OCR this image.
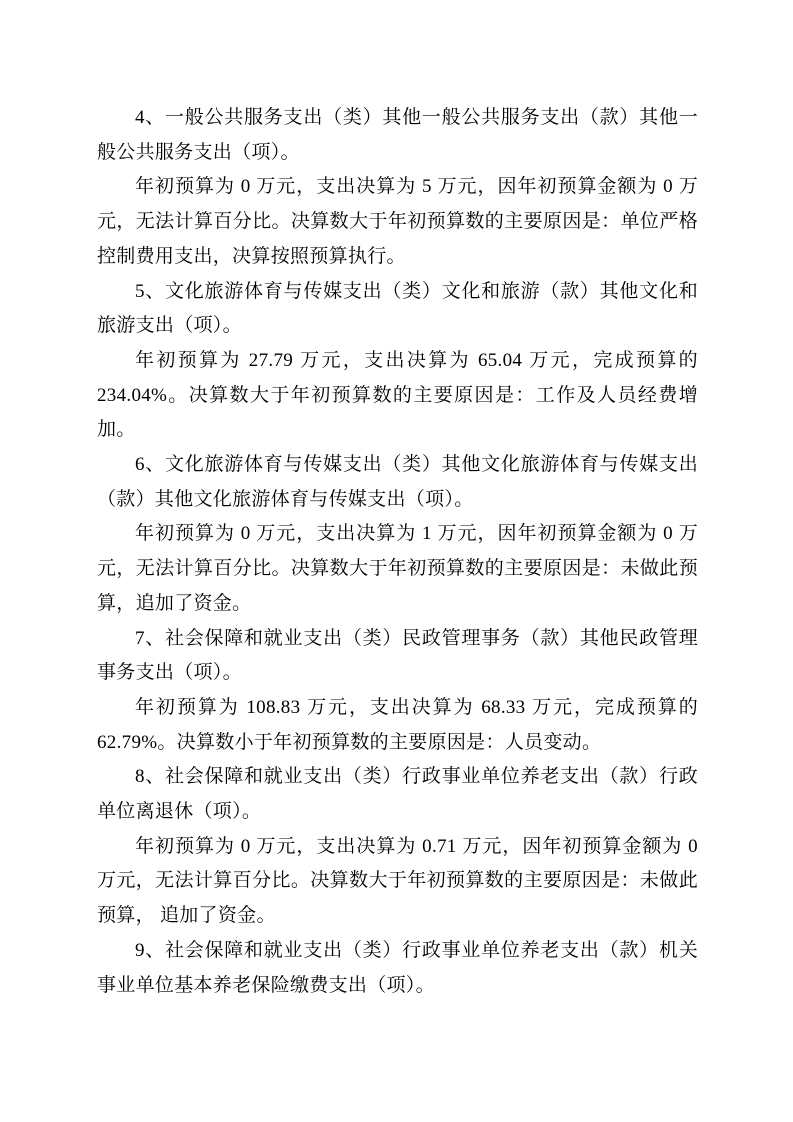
4、一般公共服务支出（类）其他一般公共服务支出（款）其他一般公共服务支出（项）。

年初预算为 0 万元，支出决算为 5 万元，因年初预算金额为 0 万元，无法计算百分比。决算数大于年初预算数的主要原因是：单位严格控制费用支出，决算按照预算执行。

5、文化旅游体育与传媒支出（类）文化和旅游（款）其他文化和旅游支出（项）。

年初预算为 27.79 万元，支出决算为 65.04 万元，完成预算的 234.04%。决算数大于年初预算数的主要原因是：工作及人员经费增加。

6、文化旅游体育与传媒支出（类）其他文化旅游体育与传媒支出（款）其他文化旅游体育与传媒支出（项）。

年初预算为 0 万元，支出决算为 1 万元，因年初预算金额为 0 万元，无法计算百分比。决算数大于年初预算数的主要原因是：未做此预算，追加了资金。

7、社会保障和就业支出（类）民政管理事务（款）其他民政管理事务支出（项）。

年初预算为 108.83 万元，支出决算为 68.33 万元，完成预算的 62.79%。决算数小于年初预算数的主要原因是：人员变动。

8、社会保障和就业支出（类）行政事业单位养老支出（款）行政单位离退休（项）。

年初预算为 0 万元，支出决算为 0.71 万元，因年初预算金额为 0 万元，无法计算百分比。决算数大于年初预算数的主要原因是：未做此预算， 追加了资金。

9、社会保障和就业支出（类）行政事业单位养老支出（款）机关事业单位基本养老保险缴费支出（项）。
